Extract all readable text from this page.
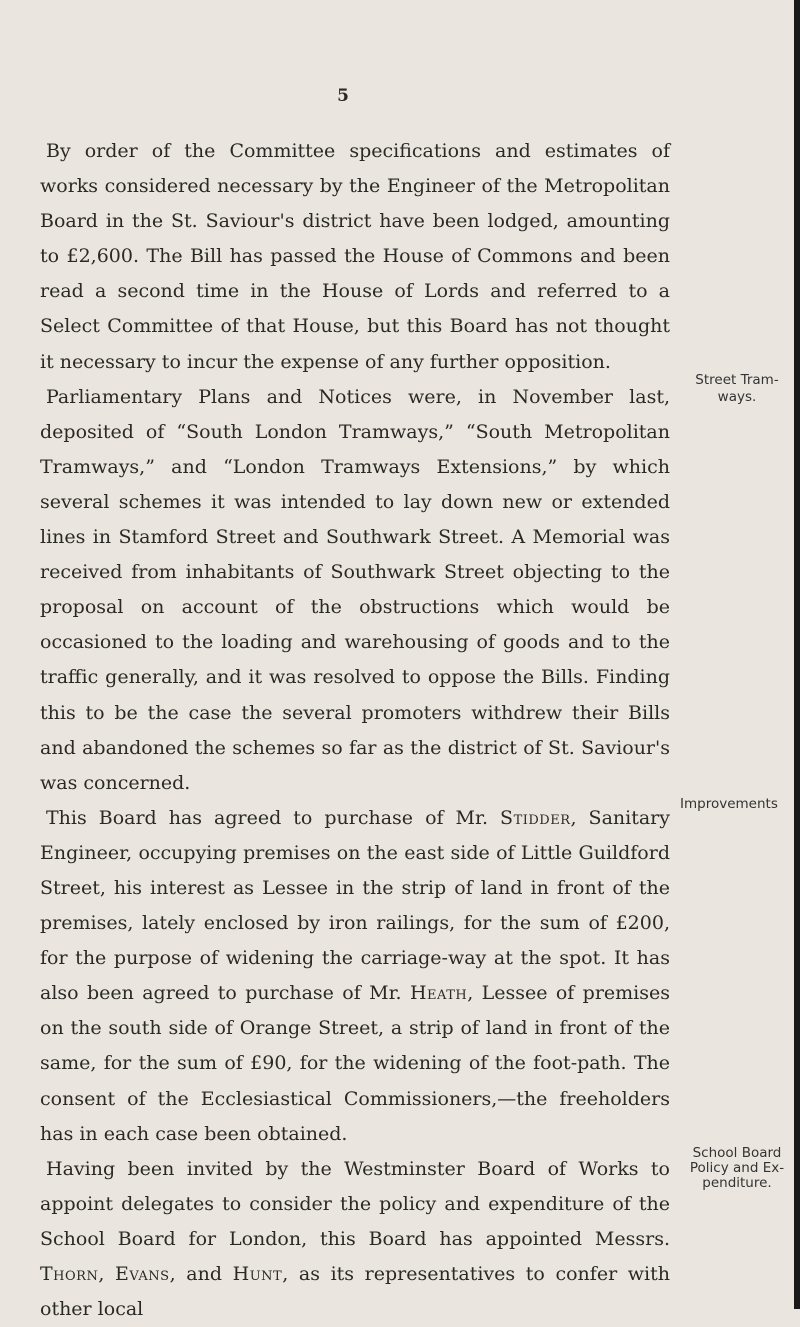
5

By order of the Committee specifications and estimates of works considered necessary by the Engineer of the Metropolitan Board in the St. Saviour's district have been lodged, amounting to £2,600. The Bill has passed the House of Commons and been read a second time in the House of Lords and referred to a Select Committee of that House, but this Board has not thought it necessary to incur the expense of any further opposition.

Parliamentary Plans and Notices were, in November last, deposited of “South London Tramways,” “South Metropolitan Tramways,” and “London Tramways Extensions,” by which several schemes it was intended to lay down new or extended lines in Stamford Street and Southwark Street. A Memorial was received from inhabitants of Southwark Street objecting to the proposal on account of the obstructions which would be occasioned to the loading and warehousing of goods and to the traffic generally, and it was resolved to oppose the Bills. Finding this to be the case the several promoters withdrew their Bills and abandoned the schemes so far as the district of St. Saviour's was concerned.

This Board has agreed to purchase of Mr. Stidder, Sanitary Engineer, occupying premises on the east side of Little Guildford Street, his interest as Lessee in the strip of land in front of the premises, lately enclosed by iron railings, for the sum of £200, for the purpose of widening the carriage-way at the spot. It has also been agreed to purchase of Mr. Heath, Lessee of premises on the south side of Orange Street, a strip of land in front of the same, for the sum of £90, for the widening of the foot-path. The consent of the Ecclesiastical Commissioners,—the freeholders has in each case been obtained.

Having been invited by the Westminster Board of Works to appoint delegates to consider the policy and expenditure of the School Board for London, this Board has appointed Messrs. Thorn, Evans, and Hunt, as its representatives to confer with other local

Street Tram-ways.
Improvements
School Board Policy and Ex-penditure.
